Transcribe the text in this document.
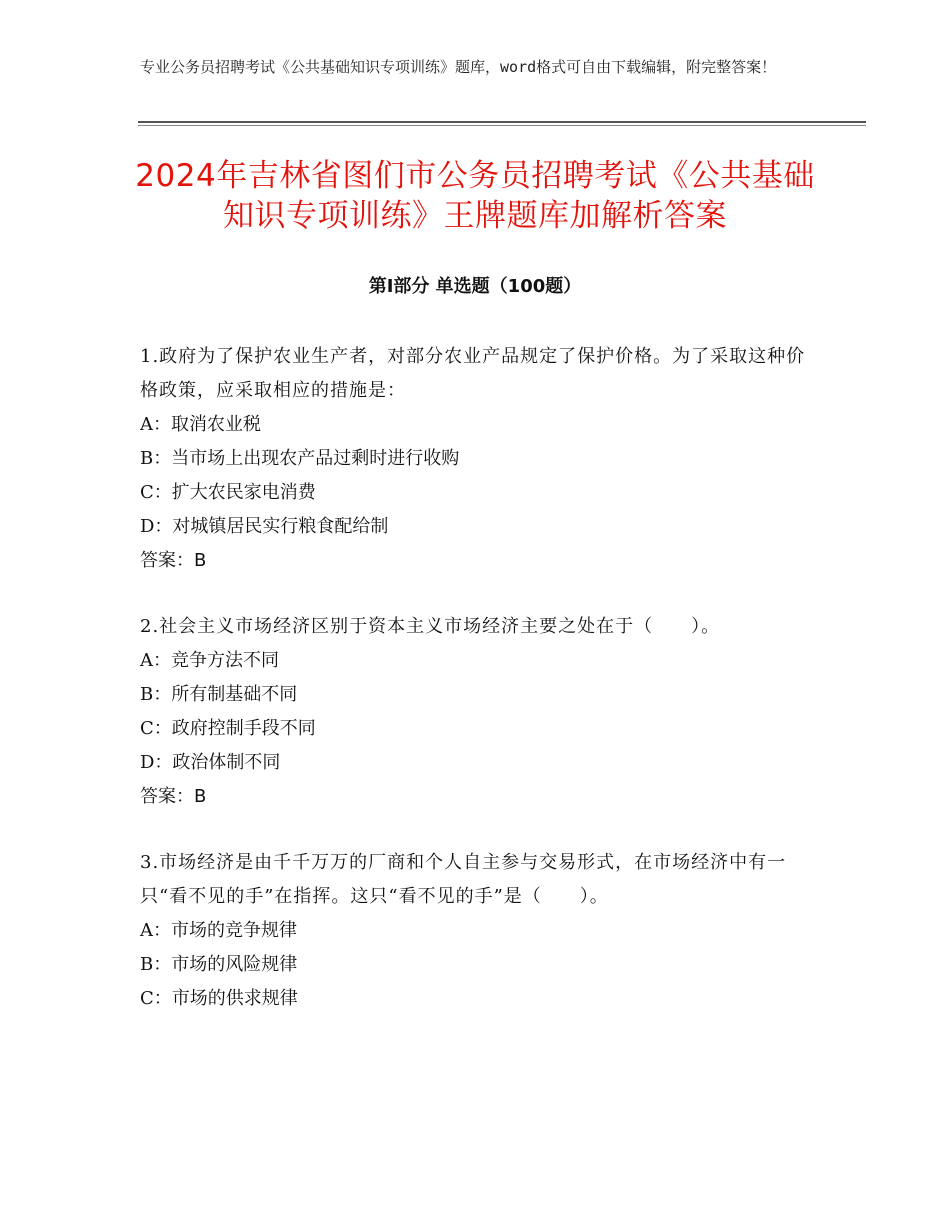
专业公务员招聘考试《公共基础知识专项训练》题库，word格式可自由下载编辑，附完整答案！
2024年吉林省图们市公务员招聘考试《公共基础知识专项训练》王牌题库加解析答案
第Ⅰ部分 单选题（100题）
1.政府为了保护农业生产者，对部分农业产品规定了保护价格。为了采取这种价格政策，应采取相应的措施是：
A：取消农业税
B：当市场上出现农产品过剩时进行收购
C：扩大农民家电消费
D：对城镇居民实行粮食配给制
答案：B
2.社会主义市场经济区别于资本主义市场经济主要之处在于（　　）。
A：竞争方法不同
B：所有制基础不同
C：政府控制手段不同
D：政治体制不同
答案：B
3.市场经济是由千千万万的厂商和个人自主参与交易形式，在市场经济中有一只“看不见的手”在指挥。这只“看不见的手”是（　　）。
A：市场的竞争规律
B：市场的风险规律
C：市场的供求规律
